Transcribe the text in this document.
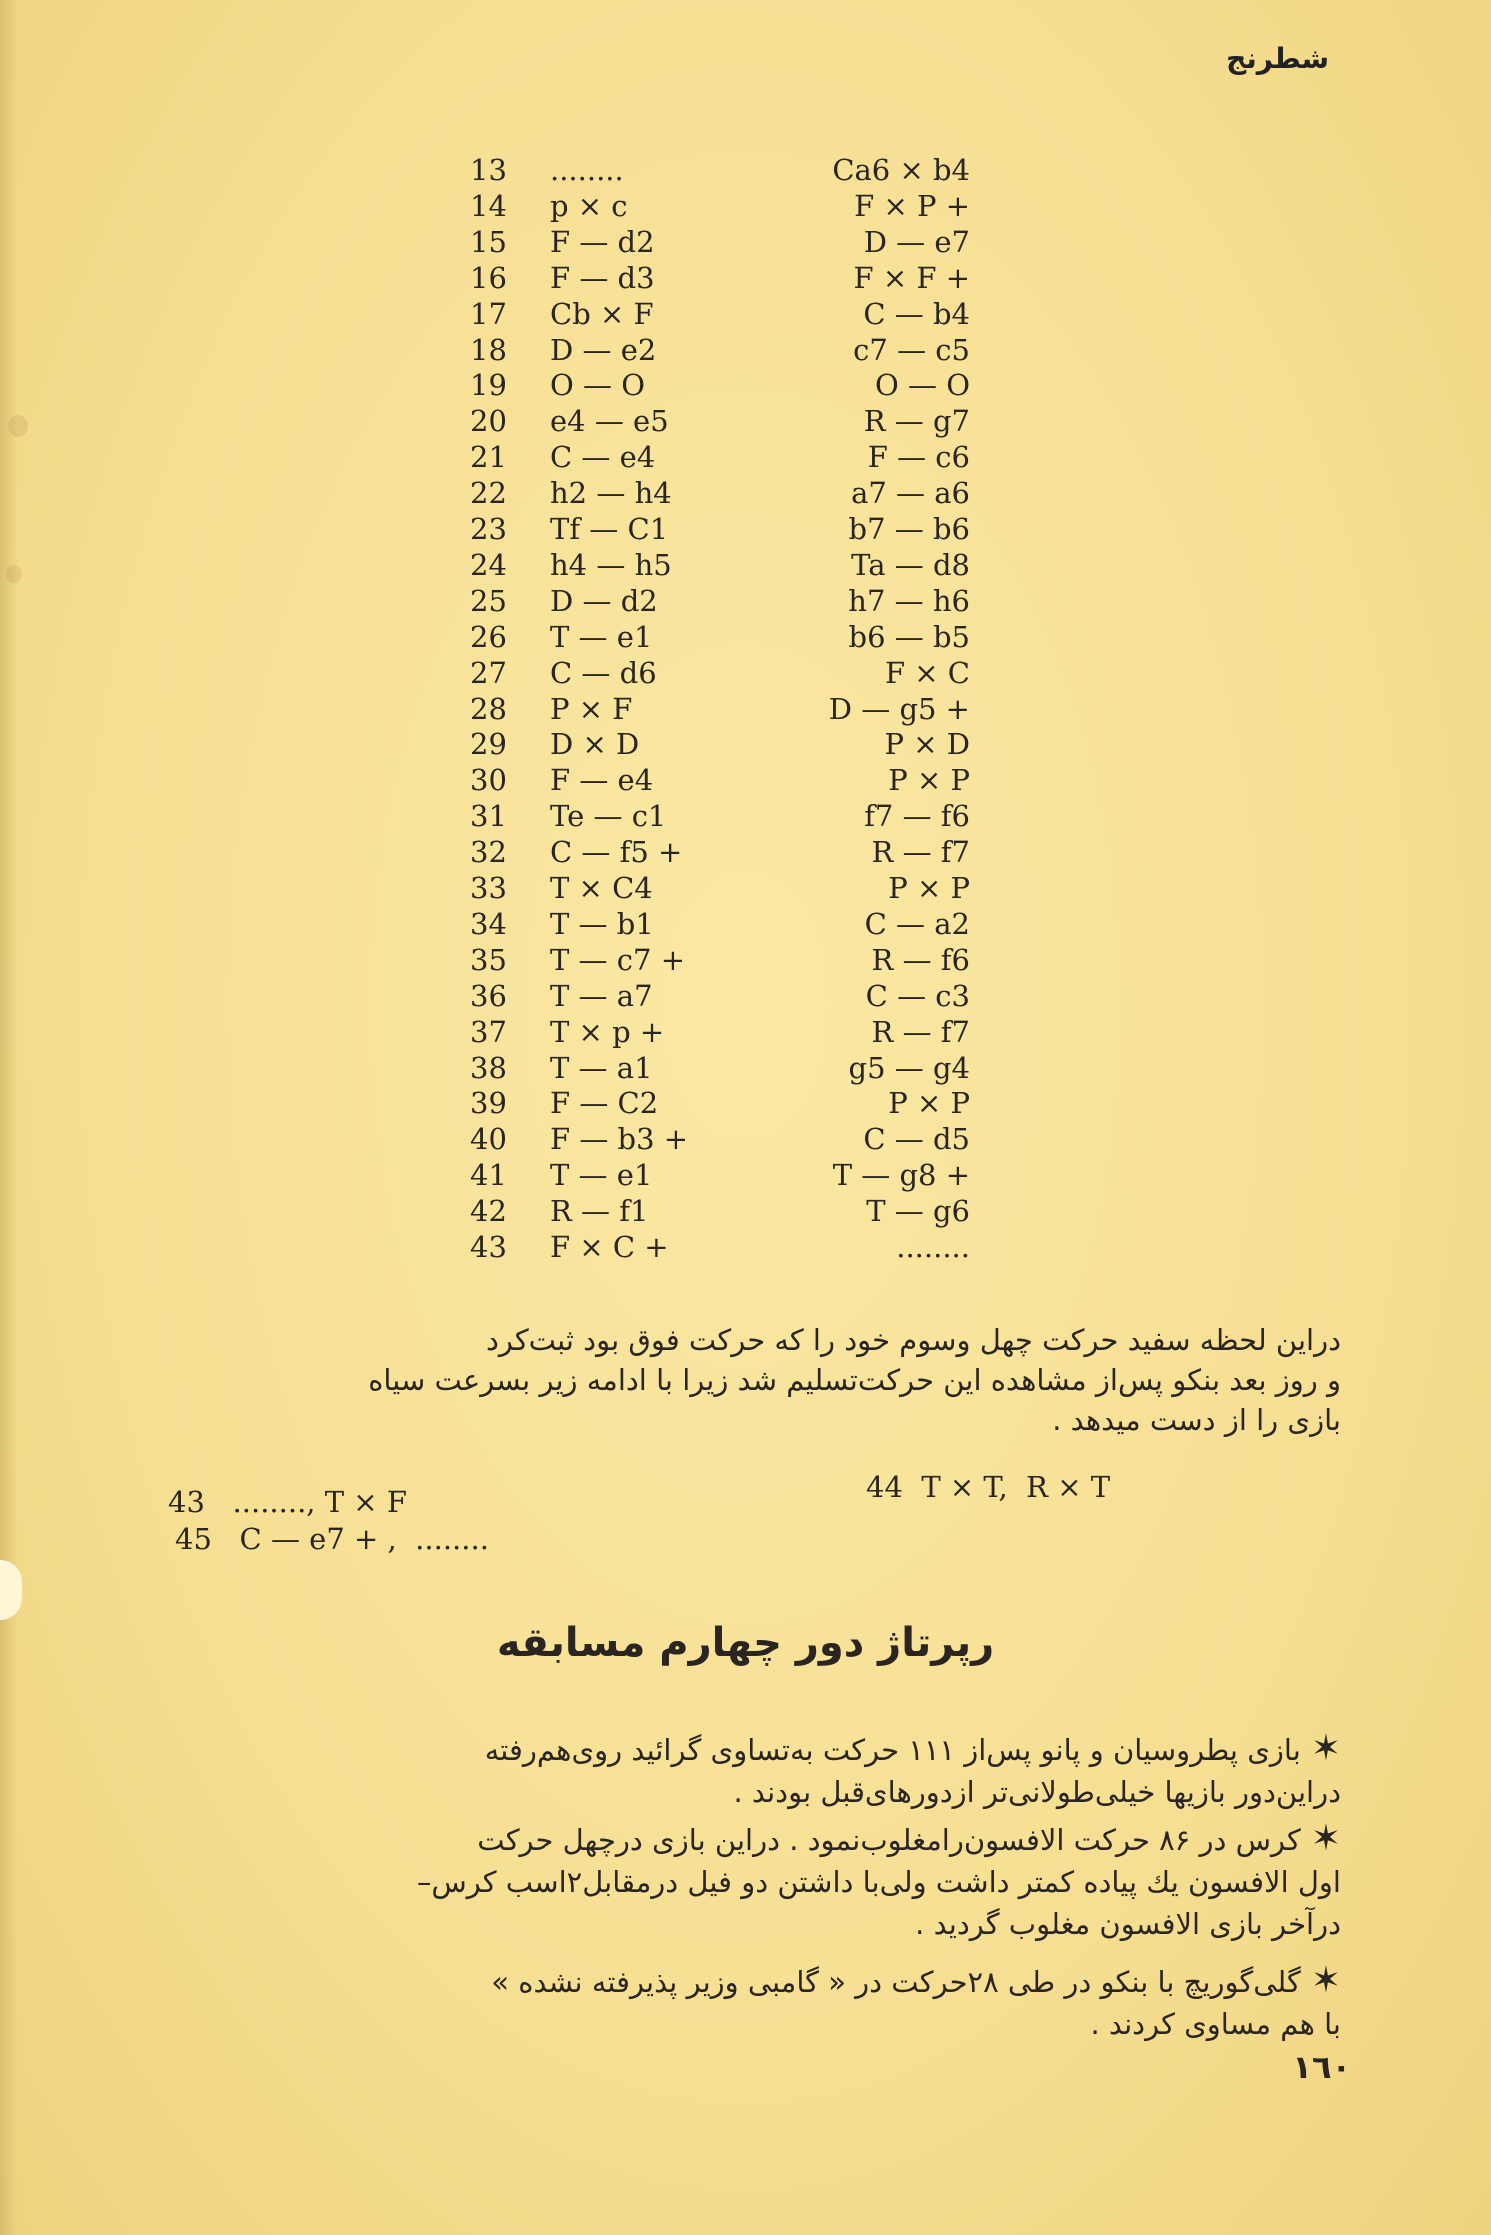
شطرنج
13	........	Ca6 × b4
14	p × c	F × P +
15	F — d2	D — e7
16	F — d3	F × F +
17	Cb × F	C — b4
18	D — e2	c7 — c5
19	O — O	O — O
20	e4 — e5	R — g7
21	C — e4	F — c6
22	h2 — h4	a7 — a6
23	Tf — C1	b7 — b6
24	h4 — h5	Ta — d8
25	D — d2	h7 — h6
26	T — e1	b6 — b5
27	C — d6	F × C
28	P × F	D — g5 +
29	D × D	P × D
30	F — e4	P × P
31	Te — c1	f7 — f6
32	C — f5 +	R — f7
33	T × C4	P × P
34	T — b1	C — a2
35	T — c7 +	R — f6
36	T — a7	C — c3
37	T × p +	R — f7
38	T — a1	g5 — g4
39	F — C2	P × P
40	F — b3 +	C — d5
41	T — e1	T — g8 +
42	R — f1	T — g6
43	F × C +	........

دراین لحظه سفید حرکت چهل وسوم خود را که حرکت فوق بود ثبت‌کرد

و روز بعد بنکو پس‌از مشاهده این حرکت‌تسلیم شد زیرا با ادامه زیر بسرعت سیاه

بازی را از دست میدهد .

43   ........, T × F	44  T × T,  R × T
45   C — e7 + ,  ........
رپرتاژ دور چهارم مسابقه

✶بازی پطروسیان و پانو پس‌از ۱۱۱ حرکت به‌تساوی گرائید روی‌هم‌رفته

دراین‌دور بازیها خیلی‌طولانی‌تر ازدورهای‌قبل بودند .

✶کرس در ۸۶ حرکت الافسون‌رامغلوب‌نمود . دراین بازی درچهل حرکت

اول الافسون یك پیاده کمتر داشت ولی‌با داشتن دو فیل درمقابل۲اسب کرس–

درآخر بازی الافسون مغلوب گردید .

✶گلی‌گوریچ با بنکو در طی ۲۸حرکت در « گامبی وزیر پذیرفته نشده »

با هم مساوی کردند .

۱٦۰
